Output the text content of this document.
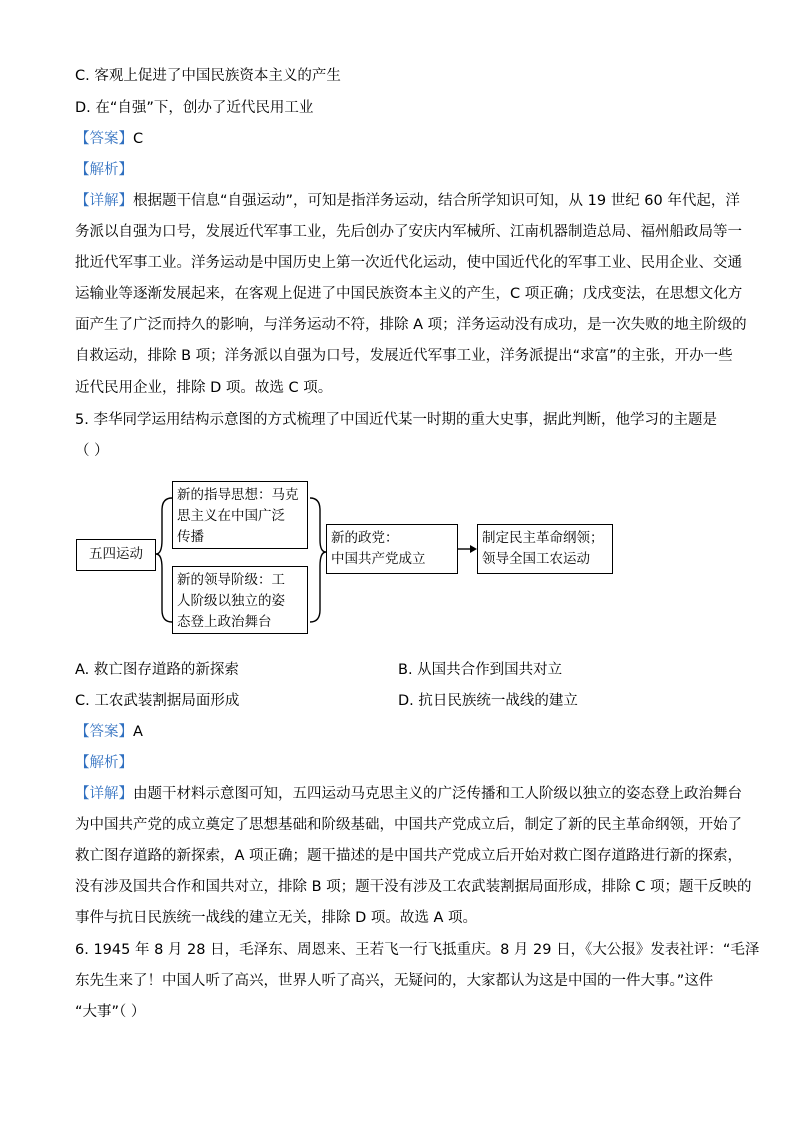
C. 客观上促进了中国民族资本主义的产生
D. 在“自强”下，创办了近代民用工业
【答案】C
【解析】
【详解】根据题干信息“自强运动”，可知是指洋务运动，结合所学知识可知，从 19 世纪 60 年代起，洋
务派以自强为口号，发展近代军事工业，先后创办了安庆内军械所、江南机器制造总局、福州船政局等一
批近代军事工业。洋务运动是中国历史上第一次近代化运动，使中国近代化的军事工业、民用企业、交通
运输业等逐渐发展起来，在客观上促进了中国民族资本主义的产生，C 项正确；戊戌变法，在思想文化方
面产生了广泛而持久的影响，与洋务运动不符，排除 A 项；洋务运动没有成功，是一次失败的地主阶级的
自救运动，排除 B 项；洋务派以自强为口号，发展近代军事工业，洋务派提出“求富”的主张，开办一些
近代民用企业，排除 D 项。故选 C 项。
5. 李华同学运用结构示意图的方式梳理了中国近代某一时期的重大史事，据此判断，他学习的主题是
（ ）
五四运动
新的指导思想：马克
思主义在中国广泛
传播
新的领导阶级：工
人阶级以独立的姿
态登上政治舞台
新的政党：
中国共产党成立
制定民主革命纲领；
领导全国工农运动
A. 救亡图存道路的新探索	B. 从国共合作到国共对立
C. 工农武装割据局面形成	D. 抗日民族统一战线的建立
【答案】A
【解析】
【详解】由题干材料示意图可知，五四运动马克思主义的广泛传播和工人阶级以独立的姿态登上政治舞台
为中国共产党的成立奠定了思想基础和阶级基础，中国共产党成立后，制定了新的民主革命纲领，开始了
救亡图存道路的新探索，A 项正确；题干描述的是中国共产党成立后开始对救亡图存道路进行新的探索，
没有涉及国共合作和国共对立，排除 B 项；题干没有涉及工农武装割据局面形成，排除 C 项；题干反映的
事件与抗日民族统一战线的建立无关，排除 D 项。故选 A 项。
6. 1945 年 8 月 28 日，毛泽东、周恩来、王若飞一行飞抵重庆。8 月 29 日，《大公报》发表社评：“毛泽
东先生来了！中国人听了高兴，世界人听了高兴，无疑问的，大家都认为这是中国的一件大事。”这件
“大事”（ ）
